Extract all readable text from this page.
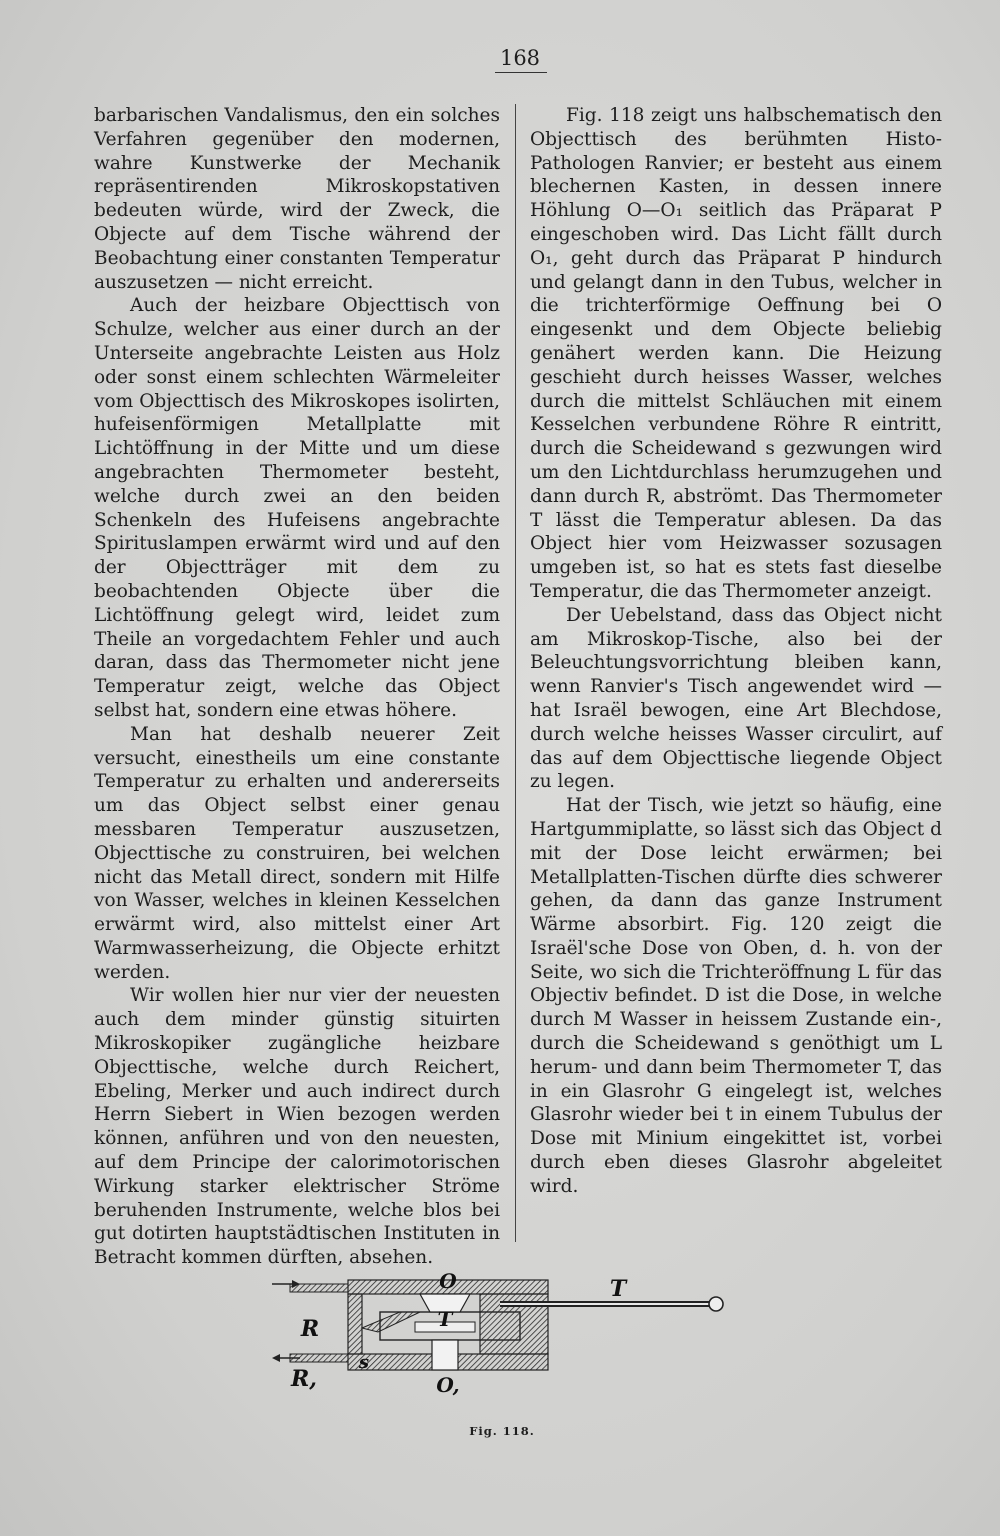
168

barbarischen Vandalismus, den ein solches Verfahren gegenüber den modernen, wahre Kunstwerke der Mechanik repräsentirenden Mikroskopstativen bedeuten würde, wird der Zweck, die Objecte auf dem Tische während der Beobachtung einer constanten Temperatur auszusetzen — nicht erreicht.

Auch der heizbare Objecttisch von Schulze, welcher aus einer durch an der Unterseite angebrachte Leisten aus Holz oder sonst einem schlechten Wärmeleiter vom Objecttisch des Mikroskopes isolirten, hufeisenförmigen Metallplatte mit Lichtöffnung in der Mitte und um diese angebrachten Thermometer besteht, welche durch zwei an den beiden Schenkeln des Hufeisens angebrachte Spirituslampen erwärmt wird und auf den der Objectträger mit dem zu beobachtenden Objecte über die Lichtöffnung gelegt wird, leidet zum Theile an vorgedachtem Fehler und auch daran, dass das Thermometer nicht jene Temperatur zeigt, welche das Object selbst hat, sondern eine etwas höhere.

Man hat deshalb neuerer Zeit versucht, einestheils um eine constante Temperatur zu erhalten und andererseits um das Object selbst einer genau messbaren Temperatur auszusetzen, Objecttische zu construiren, bei welchen nicht das Metall direct, sondern mit Hilfe von Wasser, welches in kleinen Kesselchen erwärmt wird, also mittelst einer Art Warmwasserheizung, die Objecte erhitzt werden.

Wir wollen hier nur vier der neuesten auch dem minder günstig situirten Mikroskopiker zugängliche heizbare Objecttische, welche durch Reichert, Ebeling, Merker und auch indirect durch Herrn Siebert in Wien bezogen werden können, anführen und von den neuesten, auf dem Principe der calorimotorischen Wirkung starker elektrischer Ströme beruhenden Instrumente, welche blos bei gut dotirten hauptstädtischen Instituten in Betracht kommen dürften, absehen.

Fig. 118 zeigt uns halbschematisch den Objecttisch des berühmten Histo-Pathologen Ranvier; er besteht aus einem blechernen Kasten, in dessen innere Höhlung O—O₁ seitlich das Präparat P eingeschoben wird. Das Licht fällt durch O₁, geht durch das Präparat P hindurch und gelangt dann in den Tubus, welcher in die trichterförmige Oeffnung bei O eingesenkt und dem Objecte beliebig genähert werden kann. Die Heizung geschieht durch heisses Wasser, welches durch die mittelst Schläuchen mit einem Kesselchen verbundene Röhre R eintritt, durch die Scheidewand s gezwungen wird um den Lichtdurchlass herumzugehen und dann durch R, abströmt. Das Thermometer T lässt die Temperatur ablesen. Da das Object hier vom Heizwasser sozusagen umgeben ist, so hat es stets fast dieselbe Temperatur, die das Thermometer anzeigt.

Der Uebelstand, dass das Object nicht am Mikroskop-Tische, also bei der Beleuchtungsvorrichtung bleiben kann, wenn Ranvier's Tisch angewendet wird — hat Israël bewogen, eine Art Blechdose, durch welche heisses Wasser circulirt, auf das auf dem Objecttische liegende Object zu legen.

Hat der Tisch, wie jetzt so häufig, eine Hartgummiplatte, so lässt sich das Object d mit der Dose leicht erwärmen; bei Metallplatten-Tischen dürfte dies schwerer gehen, da dann das ganze Instrument Wärme absorbirt. Fig. 120 zeigt die Israël'sche Dose von Oben, d. h. von der Seite, wo sich die Trichteröffnung L für das Objectiv befindet. D ist die Dose, in welche durch M Wasser in heissem Zustande ein-, durch die Scheidewand s genöthigt um L herum- und dann beim Thermometer T, das in ein Glasrohr G eingelegt ist, welches Glasrohr wieder bei t in einem Tubulus der Dose mit Minium eingekittet ist, vorbei durch eben dieses Glasrohr abgeleitet wird.

O
O,
T
T
R
R,
s
Fig. 118.
